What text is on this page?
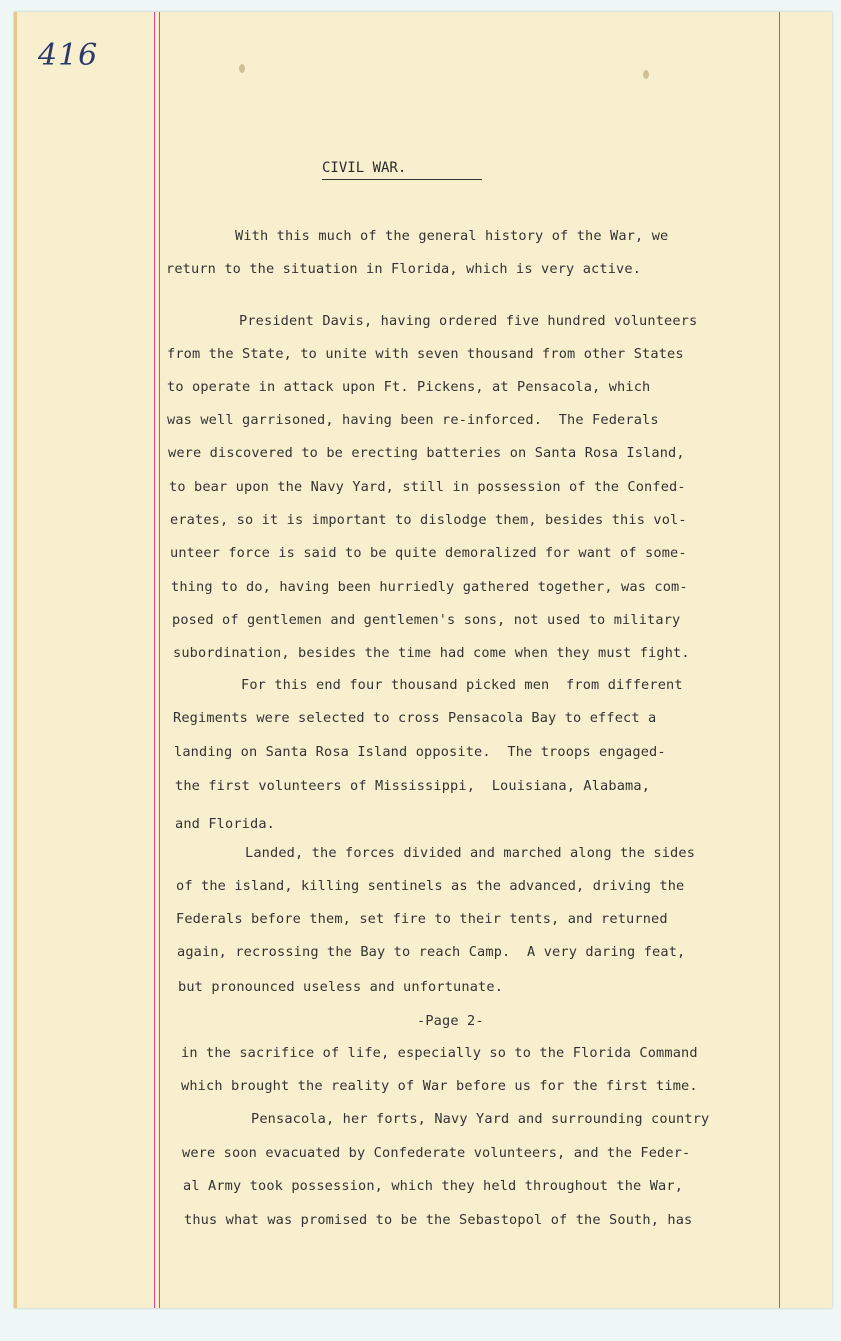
416
CIVIL WAR.
With this much of the general history of the War, we
return to the situation in Florida, which is very active.
President Davis, having ordered five hundred volunteers
from the State, to unite with seven thousand from other States
to operate in attack upon Ft. Pickens, at Pensacola, which
was well garrisoned, having been re-inforced.  The Federals
were discovered to be erecting batteries on Santa Rosa Island,
to bear upon the Navy Yard, still in possession of the Confed-
erates, so it is important to dislodge them, besides this vol-
unteer force is said to be quite demoralized for want of some-
thing to do, having been hurriedly gathered together, was com-
posed of gentlemen and gentlemen's sons, not used to military
subordination, besides the time had come when they must fight.
For this end four thousand picked men  from different
Regiments were selected to cross Pensacola Bay to effect a
landing on Santa Rosa Island opposite.  The troops engaged-
the first volunteers of Mississippi,  Louisiana, Alabama,
and Florida.
Landed, the forces divided and marched along the sides
of the island, killing sentinels as the advanced, driving the
Federals before them, set fire to their tents, and returned
again, recrossing the Bay to reach Camp.  A very daring feat,
but pronounced useless and unfortunate.
-Page 2-
in the sacrifice of life, especially so to the Florida Command
which brought the reality of War before us for the first time.
Pensacola, her forts, Navy Yard and surrounding country
were soon evacuated by Confederate volunteers, and the Feder-
al Army took possession, which they held throughout the War,
thus what was promised to be the Sebastopol of the South, has
